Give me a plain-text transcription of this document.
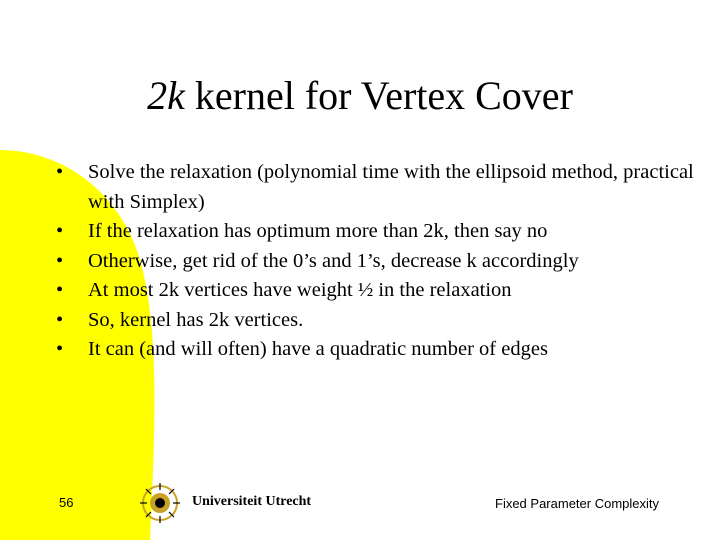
2k kernel for Vertex Cover
• Solve the relaxation (polynomial time with the ellipsoid method, practical with Simplex)
• If the relaxation has optimum more than 2k, then say no
• Otherwise, get rid of the 0’s and 1’s, decrease k accordingly
• At most 2k vertices have weight ½ in the relaxation
• So, kernel has 2k vertices.
• It can (and will often) have a quadratic number of edges
56	Universiteit Utrecht	Fixed Parameter Complexity
